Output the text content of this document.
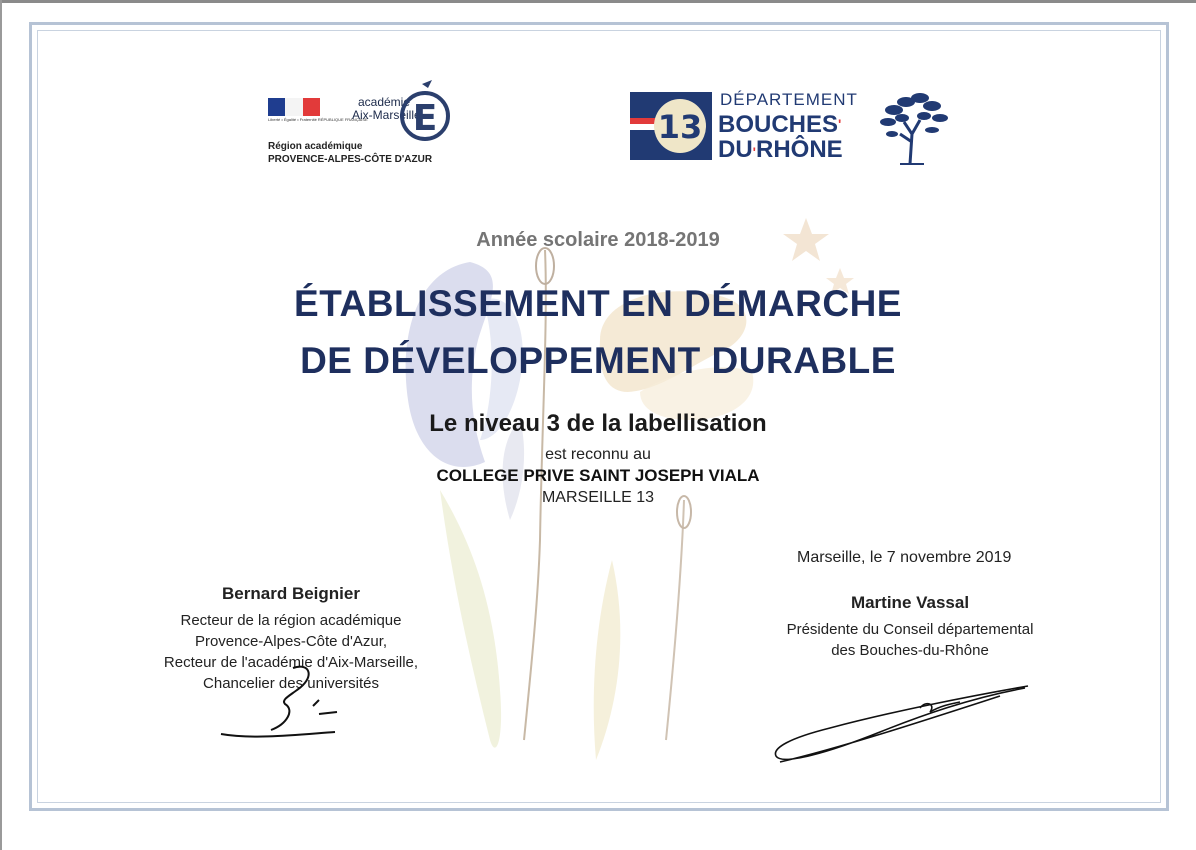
Liberté • Égalité • Fraternité RÉPUBLIQUE FRANÇAISE
académie
Aix-Marseille
E
Région académique
PROVENCE-ALPES-CÔTE D'AZUR
13
DÉPARTEMENT
BOUCHES'
DU'RHÔNE
Année scolaire 2018-2019
ÉTABLISSEMENT EN DÉMARCHE
DE DÉVELOPPEMENT DURABLE
Le niveau 3 de la labellisation
est reconnu au
COLLEGE PRIVE SAINT JOSEPH VIALA
MARSEILLE 13
Marseille, le 7 novembre 2019
Bernard Beignier
Recteur de la région académique
Provence-Alpes-Côte d'Azur,
Recteur de l'académie d'Aix-Marseille,
Chancelier des universités
Martine Vassal
Présidente du Conseil départemental
des Bouches-du-Rhône
